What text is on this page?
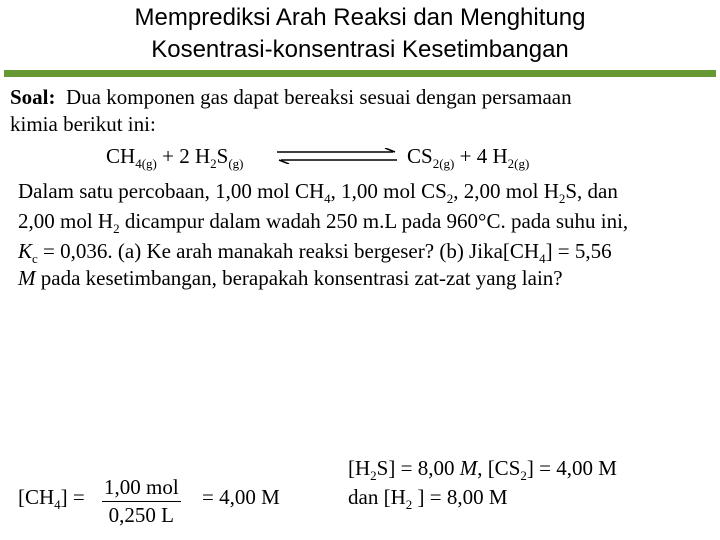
Memprediksi Arah Reaksi dan Menghitung
Kosentrasi-konsentrasi Kesetimbangan
Soal: Dua komponen gas dapat bereaksi sesuai dengan persamaan
kimia berikut ini:
$CH_{4(g)} + 2$ $H_2S_{(g)}$	$CS_{2(g)} + 4$ $H_{2(g)}$
Dalam satu percobaan, 1,00 mol $CH_4$, 1,00 mol $CS_2$, 2,00 mol $H_2S$, dan
2,00 mol $H_2$ dicampur dalam wadah 250 m.L pada 960°C. pada suhu ini,
$K_c = 0,036$. (a) Ke arah manakah reaksi bergeser? (b) $Jika[CH_4] = 5,56$
M pada kesetimbangan, berapakah konsentrasi zat-zat yang lain?
$[CH_4] = 1,00$ mol
0,250 L
= 4,00 M
$[H_2S] = 8,00$ M, $[CS_2] = 4,00$ M
dan [$H_2$ ] = 8,00 M
